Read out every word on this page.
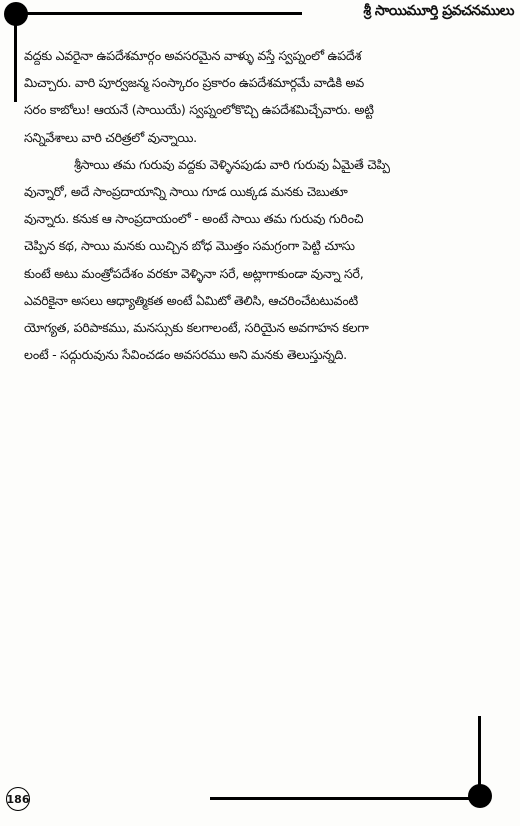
శ్రీ సాయిమూర్తి ప్రవచనములు
వద్దకు ఎవరైనా ఉపదేశమార్గం అవసరమైన వాళ్ళు వస్తే స్వప్నంలో ఉపదేశ
మిచ్చారు. వారి పూర్వజన్మ సంస్కారం ప్రకారం ఉపదేశమార్గమే వాడికి అవ
సరం కాబోలు! ఆయనే (సాయియే) స్వప్నంలోకొచ్చి ఉపదేశమిచ్చేవారు. అట్టి
సన్నివేశాలు వారి చరిత్రలో వున్నాయి.
శ్రీసాయి తమ గురువు వద్దకు వెళ్ళినపుడు వారి గురువు ఏమైతే చెప్పి
వున్నారో, అదే సాంప్రదాయాన్ని సాయి గూడ యిక్కడ మనకు చెబుతూ
వున్నారు. కనుక ఆ సాంప్రదాయంలో - అంటే సాయి తమ గురువు గురించి
చెప్పిన కథ, సాయి మనకు యిచ్చిన బోధ మొత్తం సమగ్రంగా పెట్టి చూసు
కుంటే అటు మంత్రోపదేశం వరకూ వెళ్ళినా సరే, అట్లాగాకుండా వున్నా సరే,
ఎవరికైనా అసలు ఆధ్యాత్మికత అంటే ఏమిటో తెలిసి, ఆచరించేటటువంటి
యోగ్యత, పరిపాకము, మనస్సుకు కలగాలంటే, సరియైన అవగాహన కలగా
లంటే - సద్గురువును సేవించడం అవసరము అని మనకు తెలుస్తున్నది.
186
